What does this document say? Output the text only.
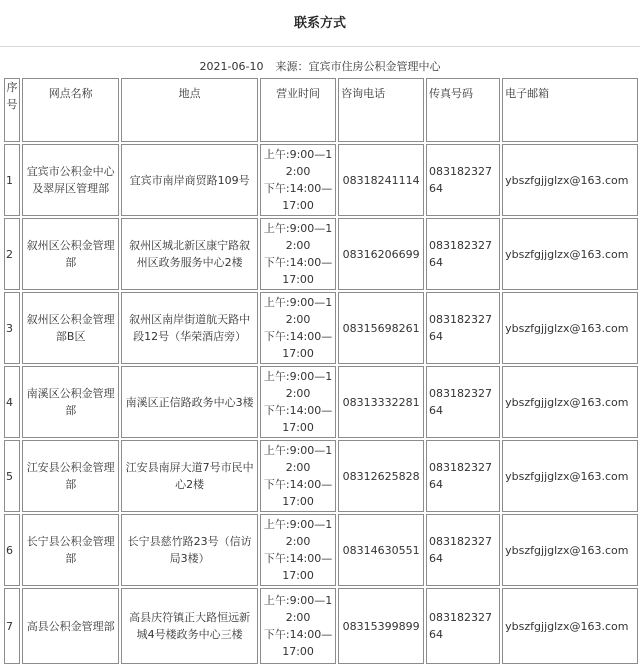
联系方式
2021-06-10 来源：宜宾市住房公积金管理中心
序号	网点名称	地点	营业时间	咨询电话	传真号码	电子邮箱
1	宜宾市公积金中心及翠屏区管理部	宜宾市南岸商贸路109号	上午:9:00—12:00
下午:14:00—17:00	08318241114	08318232764	ybszfgjjglzx@163.com
2	叙州区公积金管理部	叙州区城北新区康宁路叙州区政务服务中心2楼	上午:9:00—12:00
下午:14:00—17:00	08316206699	08318232764	ybszfgjjglzx@163.com
3	叙州区公积金管理部B区	叙州区南岸街道航天路中段12号（华荣酒店旁）	上午:9:00—12:00
下午:14:00—17:00	08315698261	08318232764	ybszfgjjglzx@163.com
4	南溪区公积金管理部	南溪区正信路政务中心3楼	上午:9:00—12:00
下午:14:00—17:00	08313332281	08318232764	ybszfgjjglzx@163.com
5	江安县公积金管理部	江安县南屏大道7号市民中心2楼	上午:9:00—12:00
下午:14:00—17:00	08312625828	08318232764	ybszfgjjglzx@163.com
6	长宁县公积金管理部	长宁县慈竹路23号（信访局3楼）	上午:9:00—12:00
下午:14:00—17:00	08314630551	08318232764	ybszfgjjglzx@163.com
7	高县公积金管理部	高县庆符镇正大路恒远新城4号楼政务中心三楼	上午:9:00—12:00
下午:14:00—17:00	08315399899	08318232764	ybszfgjjglzx@163.com
